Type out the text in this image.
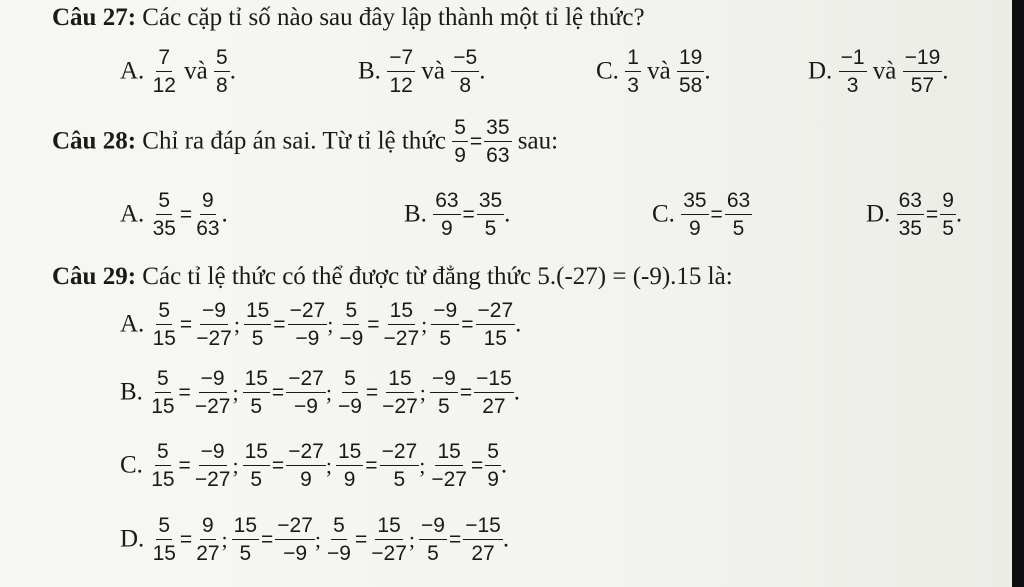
Câu 27: Các cặp tỉ số nào sau đây lập thành một tỉ lệ thức?
A. $\frac{7}{12}$ và $\frac{5}{8}$ .	B. $\frac{-7}{12}$ và $\frac{-5}{8}$ .	C. $\frac{1}{3}$ và $\frac{19}{58}$ .	D. $\frac{-1}{3}$ và $\frac{-19}{57}$ .
Câu 28: Chỉ ra đáp án sai. Từ tỉ lệ thức $\frac{5}{9} = \frac{35}{63}$ sau:
A. $\frac{5}{35} = \frac{9}{63}$ .	B. $\frac{63}{9} = \frac{35}{5}$ .	C. $\frac{35}{9} = \frac{63}{5}$	D. $\frac{63}{35} = \frac{9}{5}$ .
Câu 29: Các tỉ lệ thức có thể được từ đẳng thức 5.(-27) = (-9).15 là:
A. $\frac{5}{15} = \frac{-9}{-27}$ ; $\frac{15}{5} = \frac{-27}{-9}$ ; $\frac{5}{-9} = \frac{15}{-27}$ ; $\frac{-9}{5} = \frac{-27}{15}$ .
B. $\frac{5}{15} = \frac{-9}{-27}$ ; $\frac{15}{5} = \frac{-27}{-9}$ ; $\frac{5}{-9} = \frac{15}{-27}$ ; $\frac{-9}{5} = \frac{-15}{27}$ .
C. $\frac{5}{15} = \frac{-9}{-27}$ ; $\frac{15}{5} = \frac{-27}{9}$ ; $\frac{15}{9} = \frac{-27}{5}$ ; $\frac{15}{-27} = \frac{5}{9}$ .
D. $\frac{5}{15} = \frac{9}{27}$ ; $\frac{15}{5} = \frac{-27}{-9}$ ; $\frac{5}{-9} = \frac{15}{-27}$ ; $\frac{-9}{5} = \frac{-15}{27}$ .
